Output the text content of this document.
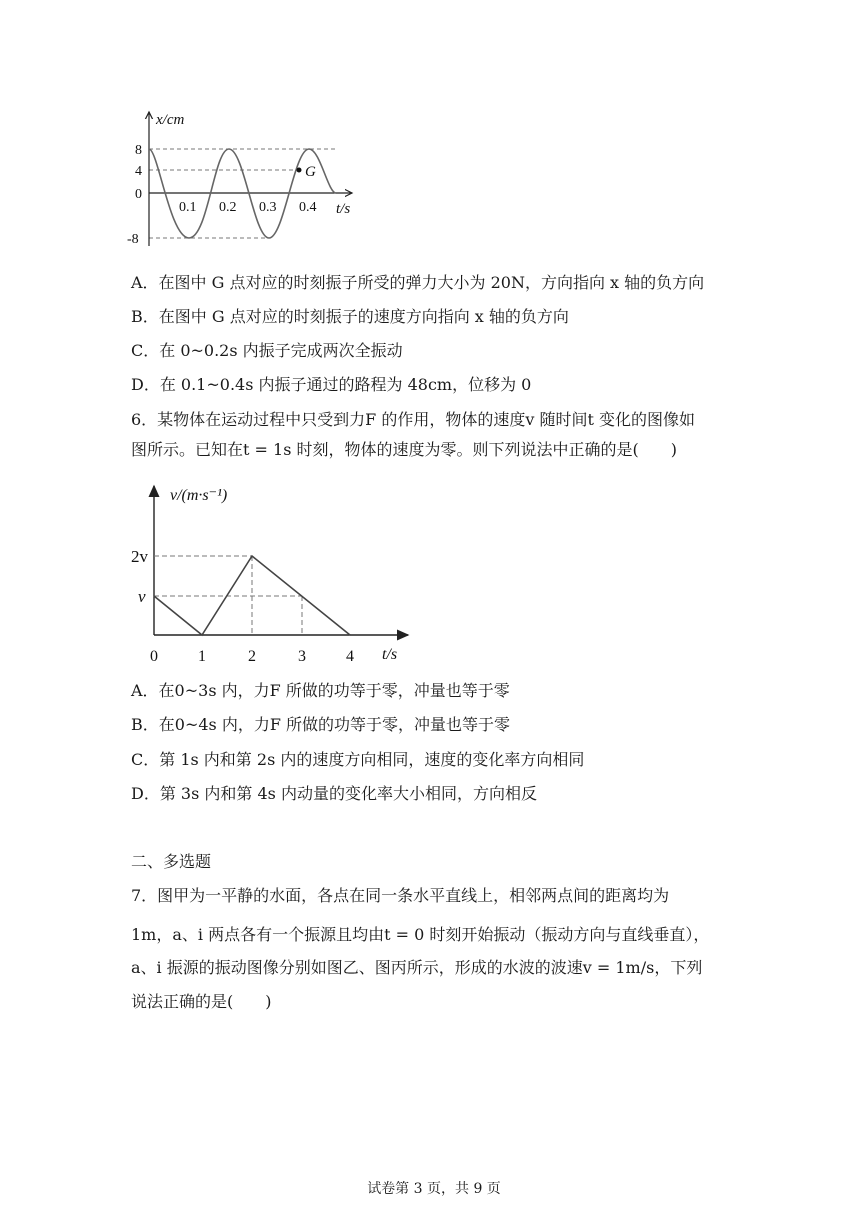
G
x/cm
t/s
8
4
0
-8
0.1 0.2 0.3 0.4
A．在图中 G 点对应的时刻振子所受的弹力大小为 20N，方向指向 x 轴的负方向
B．在图中 G 点对应的时刻振子的速度方向指向 x 轴的负方向
C．在 0~0.2s 内振子完成两次全振动
D．在 0.1~0.4s 内振子通过的路程为 48cm，位移为 0
6．某物体在运动过程中只受到力F 的作用，物体的速度v 随时间t 变化的图像如
图所示。已知在t = 1s 时刻，物体的速度为零。则下列说法中正确的是(　　)
v/(m·s⁻¹)
t/s
2v
v
0	1	2	3	4
A．在0~3s 内，力F 所做的功等于零，冲量也等于零
B．在0~4s 内，力F 所做的功等于零，冲量也等于零
C．第 1s 内和第 2s 内的速度方向相同，速度的变化率方向相同
D．第 3s 内和第 4s 内动量的变化率大小相同，方向相反
二、多选题
7．图甲为一平静的水面，各点在同一条水平直线上，相邻两点间的距离均为
1m，a、i 两点各有一个振源且均由t = 0 时刻开始振动（振动方向与直线垂直），
a、i 振源的振动图像分别如图乙、图丙所示，形成的水波的波速v = 1m/s，下列
说法正确的是(　　)
试卷第 3 页，共 9 页
